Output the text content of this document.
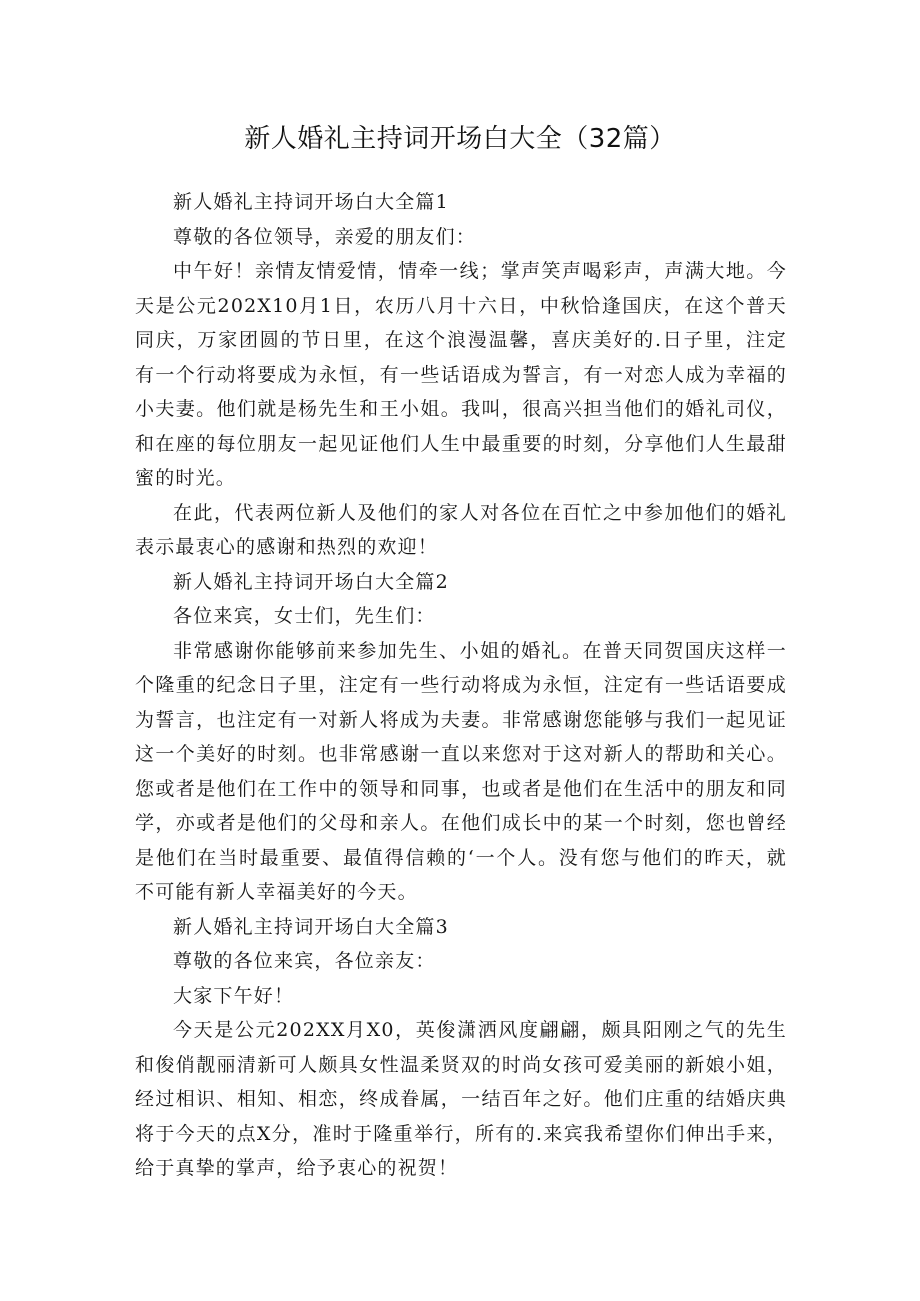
新人婚礼主持词开场白大全（32篇）

新人婚礼主持词开场白大全篇1

尊敬的各位领导，亲爱的朋友们：

中午好！亲情友情爱情，情牵一线；掌声笑声喝彩声，声满大地。今天是公元202X10月1日，农历八月十六日，中秋恰逢国庆，在这个普天同庆，万家团圆的节日里，在这个浪漫温馨，喜庆美好的.日子里，注定有一个行动将要成为永恒，有一些话语成为誓言，有一对恋人成为幸福的小夫妻。他们就是杨先生和王小姐。我叫，很高兴担当他们的婚礼司仪，和在座的每位朋友一起见证他们人生中最重要的时刻，分享他们人生最甜蜜的时光。

在此，代表两位新人及他们的家人对各位在百忙之中参加他们的婚礼表示最衷心的感谢和热烈的欢迎！

新人婚礼主持词开场白大全篇2

各位来宾，女士们，先生们：

非常感谢你能够前来参加先生、小姐的婚礼。在普天同贺国庆这样一个隆重的纪念日子里，注定有一些行动将成为永恒，注定有一些话语要成为誓言，也注定有一对新人将成为夫妻。非常感谢您能够与我们一起见证这一个美好的时刻。也非常感谢一直以来您对于这对新人的帮助和关心。您或者是他们在工作中的领导和同事，也或者是他们在生活中的朋友和同学，亦或者是他们的父母和亲人。在他们成长中的某一个时刻，您也曾经是他们在当时最重要、最值得信赖的‘一个人。没有您与他们的昨天，就不可能有新人幸福美好的今天。

新人婚礼主持词开场白大全篇3

尊敬的各位来宾，各位亲友：

大家下午好！

今天是公元202XX月X0，英俊潇洒风度翩翩，颇具阳刚之气的先生和俊俏靓丽清新可人颇具女性温柔贤双的时尚女孩可爱美丽的新娘小姐，经过相识、相知、相恋，终成眷属，一结百年之好。他们庄重的结婚庆典将于今天的点X分，准时于隆重举行，所有的.来宾我希望你们伸出手来，给于真挚的掌声，给予衷心的祝贺！
